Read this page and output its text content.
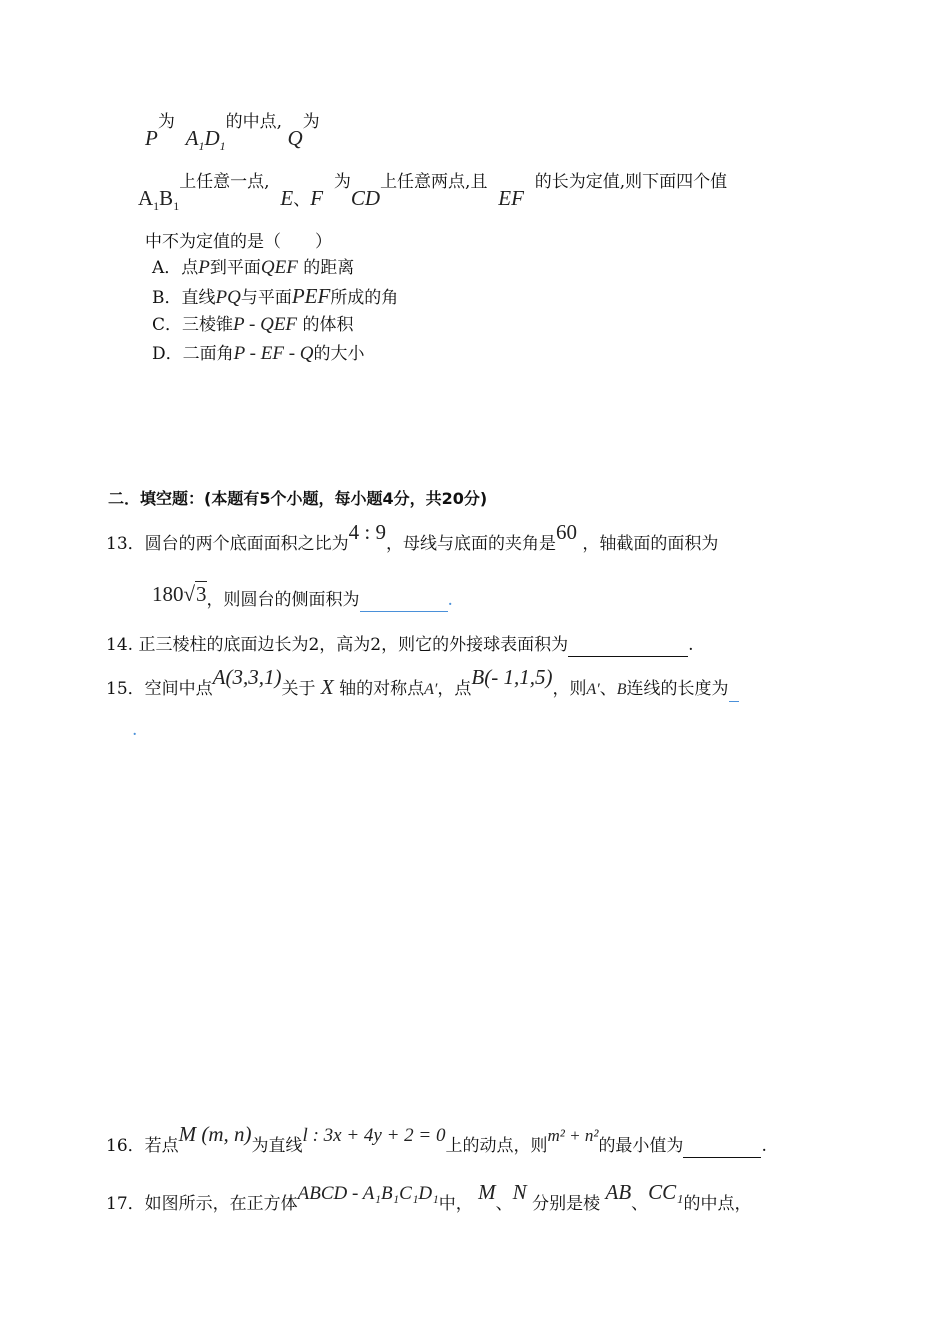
P为  $A_1D_1$的中点, Q为
$A_1B_1$上任意一点,  E、F  为CD上任意两点,且  EF  的长为定值,则下面四个值
中不为定值的是（　　）
A．点P到平面QEF 的距离
B．直线PQ与平面PEF所成的角
C．三棱锥P - QEF 的体积
D．二面角P - EF - Q的大小
二．填空题：(本题有5个小题，每小题4分，共20分)
13．圆台的两个底面面积之比为4 : 9，母线与底面的夹角是60 ，轴截面的面积为
180√3，则圆台的侧面积为	.
14. 正三棱柱的底面边长为2，高为2，则它的外接球表面积为	.
15．空间中点A(3,3,1)关于 X 轴的对称点A′，点B(- 1,1,5)，则A′、B连线的长度为
.
16．若点M (m, n)为直线l : 3x + 4y + 2 = 0上的动点，则m² + n²的最小值为	.
17．如图所示，在正方体ABCD - A₁B₁C₁D₁中， M、N 分别是棱 AB、CC₁的中点，
